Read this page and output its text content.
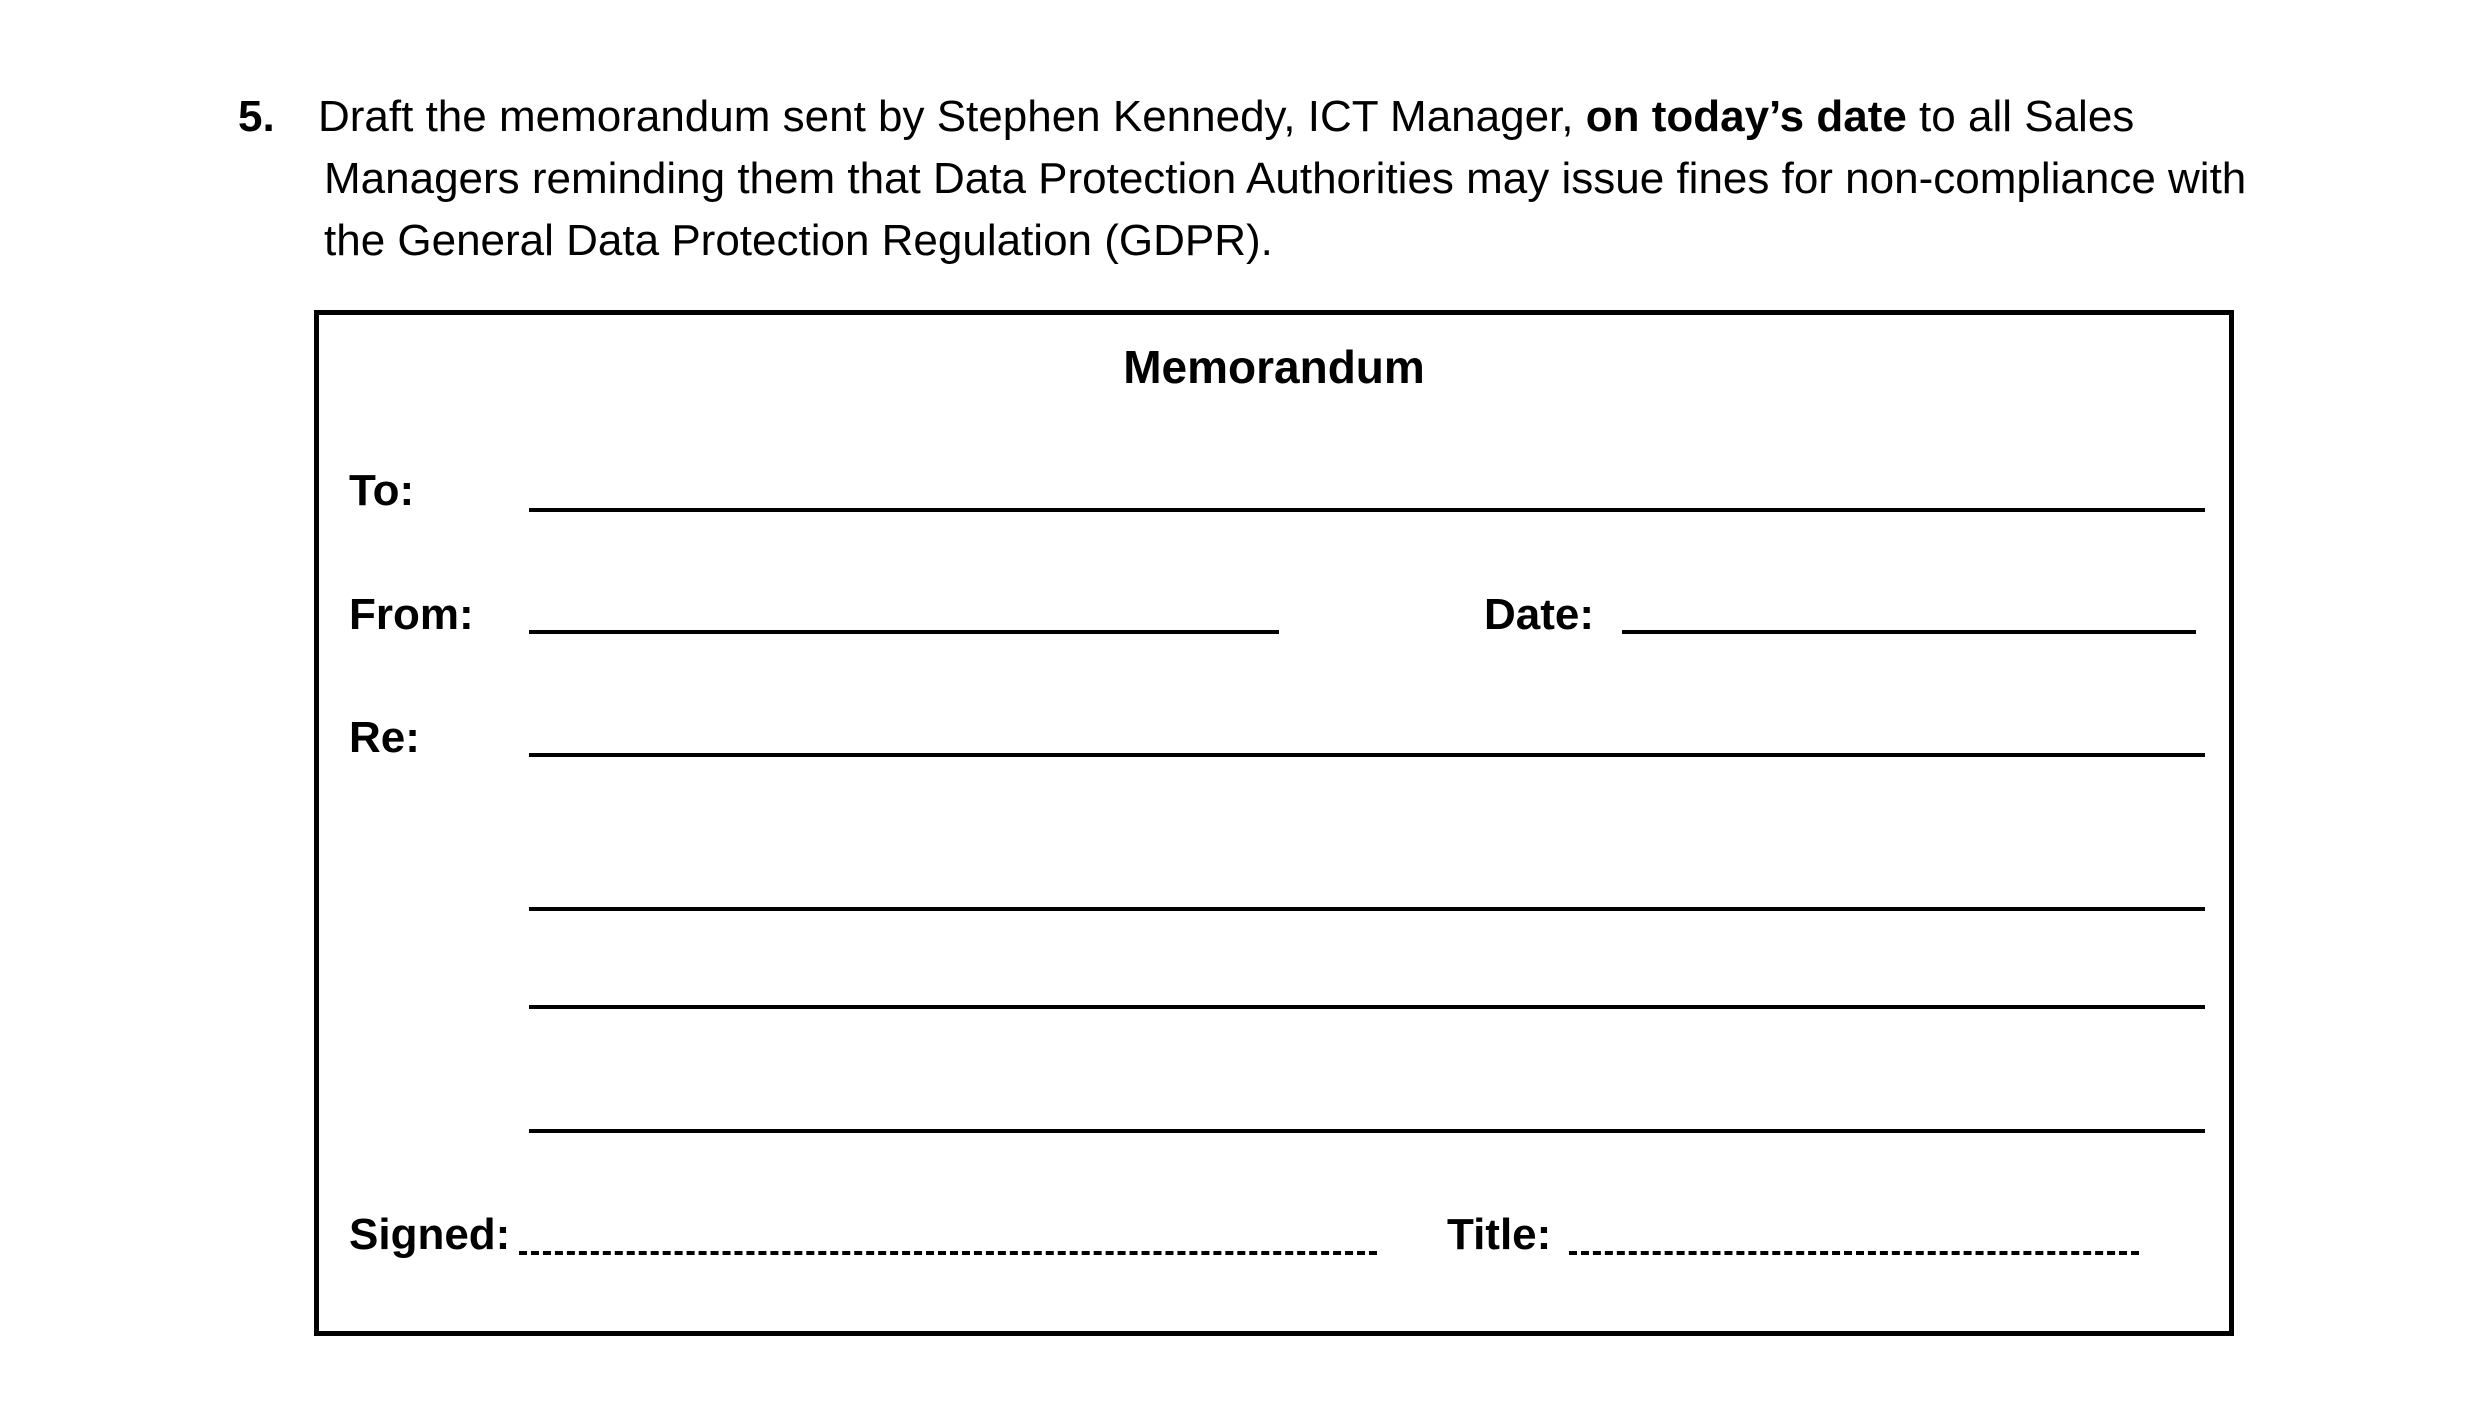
5. Draft the memorandum sent by Stephen Kennedy, ICT Manager, on today’s date to all Sales Managers reminding them that Data Protection Authorities may issue fines for non-compliance with the General Data Protection Regulation (GDPR).
Memorandum
To:
From:	Date:
Re:
Signed:	Title:
